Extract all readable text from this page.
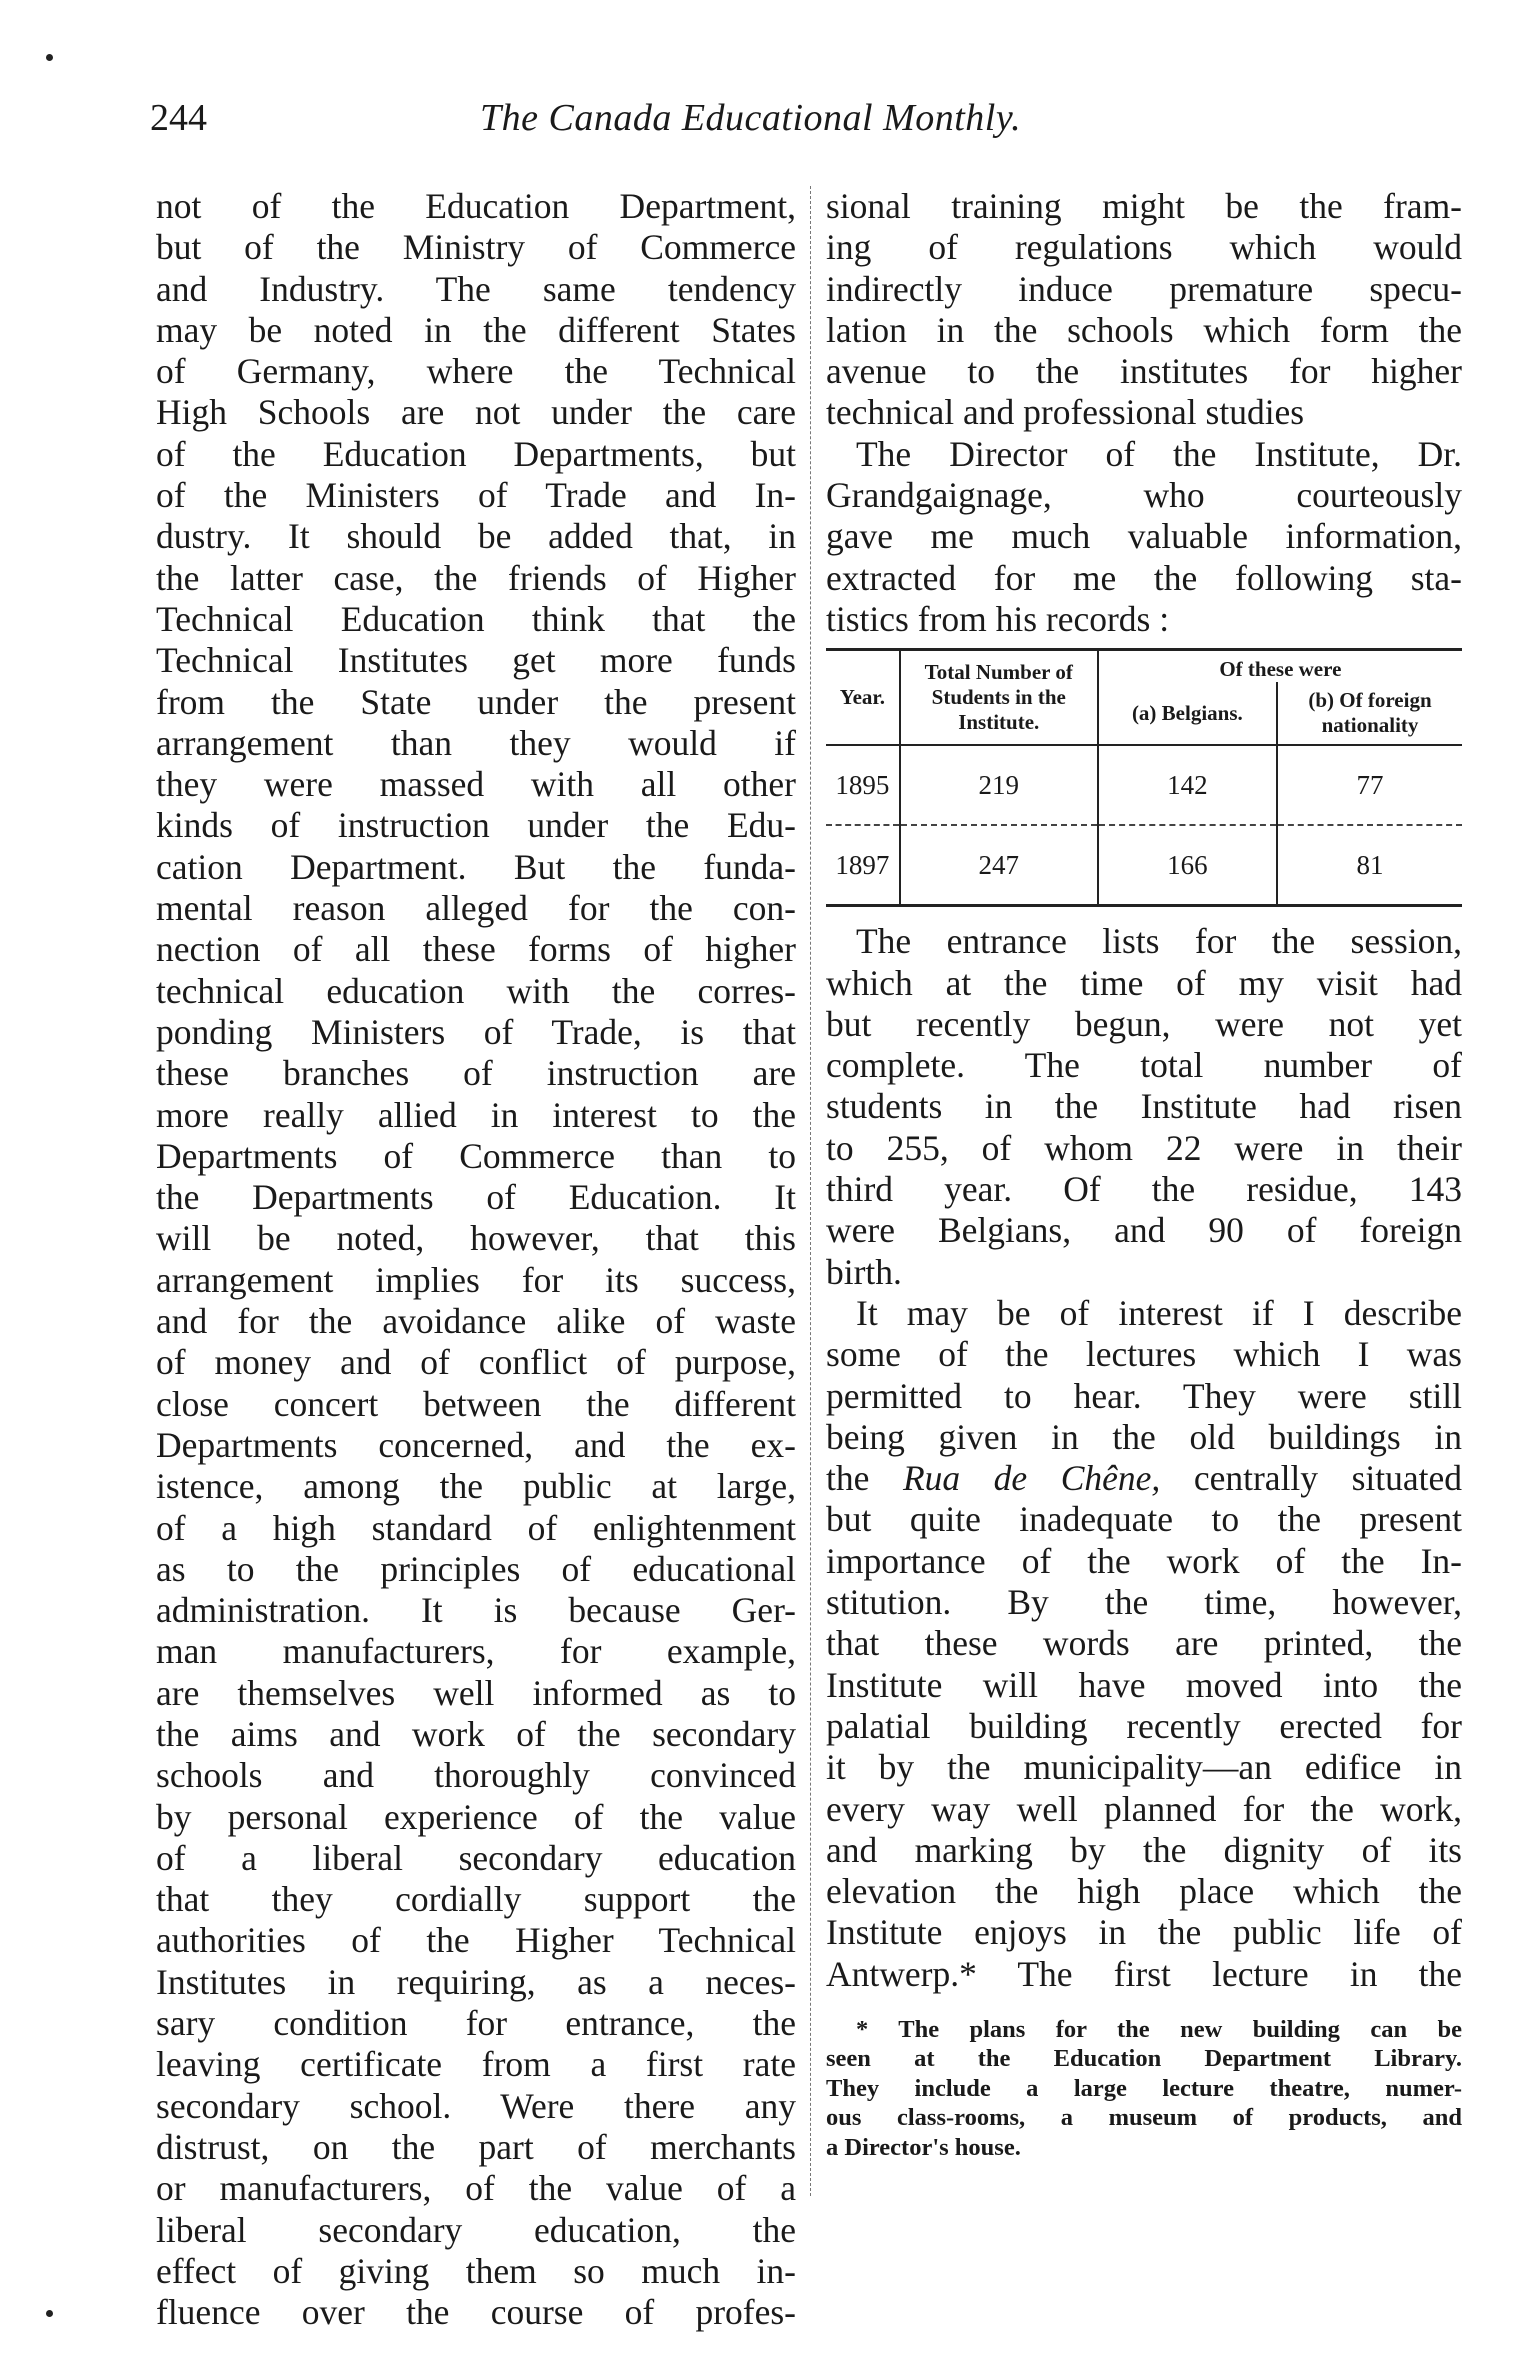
244	The Canada Educational Monthly.
not of the Education Department,
but of the Ministry of Commerce
and Industry. The same tendency
may be noted in the different States
of Germany, where the Technical
High Schools are not under the care
of the Education Departments, but
of the Ministers of Trade and In-
dustry. It should be added that, in
the latter case, the friends of Higher
Technical Education think that the
Technical Institutes get more funds
from the State under the present
arrangement than they would if
they were massed with all other
kinds of instruction under the Edu-
cation Department. But the funda-
mental reason alleged for the con-
nection of all these forms of higher
technical education with the corres-
ponding Ministers of Trade, is that
these branches of instruction are
more really allied in interest to the
Departments of Commerce than to
the Departments of Education. It
will be noted, however, that this
arrangement implies for its success,
and for the avoidance alike of waste
of money and of conflict of purpose,
close concert between the different
Departments concerned, and the ex-
istence, among the public at large,
of a high standard of enlightenment
as to the principles of educational
administration. It is because Ger-
man manufacturers, for example,
are themselves well informed as to
the aims and work of the secondary
schools and thoroughly convinced
by personal experience of the value
of a liberal secondary education
that they cordially support the
authorities of the Higher Technical
Institutes in requiring, as a neces-
sary condition for entrance, the
leaving certificate from a first rate
secondary school. Were there any
distrust, on the part of merchants
or manufacturers, of the value of a
liberal secondary education, the
effect of giving them so much in-
fluence over the course of profes-
sional training might be the fram-
ing of regulations which would
indirectly induce premature specu-
lation in the schools which form the
avenue to the institutes for higher
technical and professional studies
The Director of the Institute, Dr.
Grandgaignage, who courteously
gave me much valuable information,
extracted for me the following sta-
tistics from his records :
Year.	Total Number of Students in the Institute.	Of these were	
		(a) Belgians.	(b) Of foreign nationality
1895	219	142	77
1897	247	166	81
The entrance lists for the session,
which at the time of my visit had
but recently begun, were not yet
complete. The total number of
students in the Institute had risen
to 255, of whom 22 were in their
third year. Of the residue, 143
were Belgians, and 90 of foreign
birth.
It may be of interest if I describe
some of the lectures which I was
permitted to hear. They were still
being given in the old buildings in
the Rua de Chêne, centrally situated
but quite inadequate to the present
importance of the work of the In-
stitution. By the time, however,
that these words are printed, the
Institute will have moved into the
palatial building recently erected for
it by the municipality—an edifice in
every way well planned for the work,
and marking by the dignity of its
elevation the high place which the
Institute enjoys in the public life of
Antwerp.* The first lecture in the
* The plans for the new building can be
seen at the Education Department Library.
They include a large lecture theatre, numer-
ous class-rooms, a museum of products, and
a Director's house.
